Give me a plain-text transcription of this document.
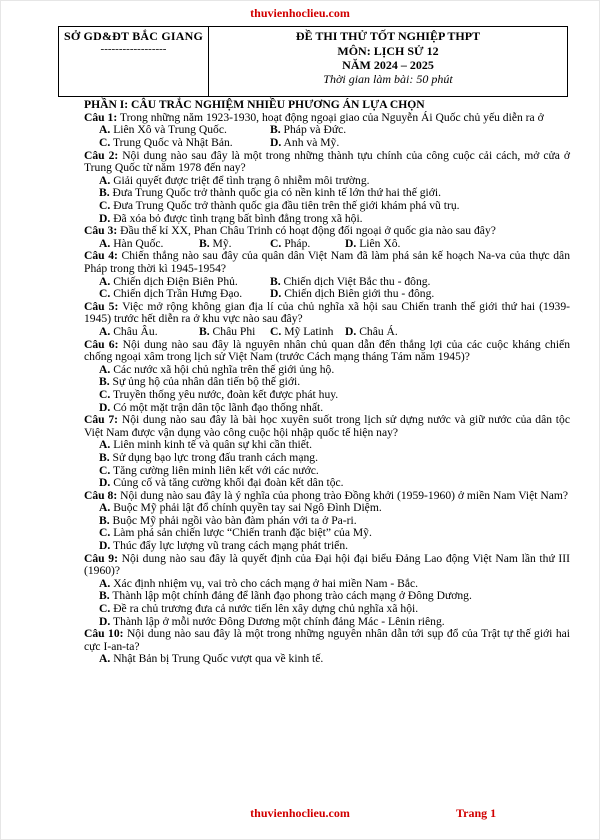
thuvienhoclieu.com
SỞ GD&ĐT BẮC GIANG
------------------
ĐỀ THI THỬ TỐT NGHIỆP THPT
MÔN: LỊCH SỬ 12
NĂM 2024 – 2025
Thời gian làm bài: 50 phút
PHẦN I: CÂU TRẮC NGHIỆM NHIỀU PHƯƠNG ÁN LỰA CHỌN
Câu 1: Trong những năm 1923-1930, hoạt động ngoại giao của Nguyễn Ái Quốc chủ yếu diễn ra ở
A. Liên Xô và Trung Quốc.	B. Pháp và Đức.
C. Trung Quốc và Nhật Bản.	D. Anh và Mỹ.
Câu 2: Nội dung nào sau đây là một trong những thành tựu chính của công cuộc cải cách, mở cửa ở Trung Quốc từ năm 1978 đến nay?
A. Giải quyết được triệt để tình trạng ô nhiễm môi trường.
B. Đưa Trung Quốc trở thành quốc gia có nền kinh tế lớn thứ hai thế giới.
C. Đưa Trung Quốc trở thành quốc gia đầu tiên trên thế giới khám phá vũ trụ.
D. Đã xóa bỏ được tình trạng bất bình đẳng trong xã hội.
Câu 3: Đầu thế kỉ XX, Phan Châu Trinh có hoạt động đối ngoại ở quốc gia nào sau đây?
A. Hàn Quốc.	B. Mỹ.	C. Pháp.	D. Liên Xô.
Câu 4: Chiến thắng nào sau đây của quân dân Việt Nam đã làm phá sản kế hoạch Na-va của thực dân Pháp trong thời kì 1945-1954?
A. Chiến dịch Điện Biên Phủ.	B. Chiến dịch Việt Bắc thu - đông.
C. Chiến dịch Trần Hưng Đạo.	D. Chiến dịch Biên giới thu - đông.
Câu 5: Việc mở rộng không gian địa lí của chủ nghĩa xã hội sau Chiến tranh thế giới thứ hai (1939-1945) trước hết diễn ra ở khu vực nào sau đây?
A. Châu Âu.	B. Châu Phi	C. Mỹ Latinh D. Châu Á.
Câu 6: Nội dung nào sau đây là nguyên nhân chủ quan dẫn đến thắng lợi của các cuộc kháng chiến chống ngoại xâm trong lịch sử Việt Nam (trước Cách mạng tháng Tám năm 1945)?
A. Các nước xã hội chủ nghĩa trên thế giới ủng hộ.
B. Sự ủng hộ của nhân dân tiến bộ thế giới.
C. Truyền thống yêu nước, đoàn kết được phát huy.
D. Có một mặt trận dân tộc lãnh đạo thống nhất.
Câu 7: Nội dung nào sau đây là bài học xuyên suốt trong lịch sử dựng nước và giữ nước của dân tộc Việt Nam được vận dụng vào công cuộc hội nhập quốc tế hiện nay?
A. Liên minh kinh tế và quân sự khi cần thiết.
B. Sử dụng bạo lực trong đấu tranh cách mạng.
C. Tăng cường liên minh liên kết với các nước.
D. Củng cố và tăng cường khối đại đoàn kết dân tộc.
Câu 8: Nội dung nào sau đây là ý nghĩa của phong trào Đồng khởi (1959-1960) ở miền Nam Việt Nam?
A. Buộc Mỹ phải lật đổ chính quyền tay sai Ngô Đình Diệm.
B. Buộc Mỹ phải ngồi vào bàn đàm phán với ta ở Pa-ri.
C. Làm phá sản chiến lược “Chiến tranh đặc biệt” của Mỹ.
D. Thúc đẩy lực lượng vũ trang cách mạng phát triển.
Câu 9: Nội dung nào sau đây là quyết định của Đại hội đại biểu Đảng Lao động Việt Nam lần thứ III (1960)?
A. Xác định nhiệm vụ, vai trò cho cách mạng ở hai miền Nam - Bắc.
B. Thành lập một chính đảng để lãnh đạo phong trào cách mạng ở Đông Dương.
C. Đề ra chủ trương đưa cả nước tiến lên xây dựng chủ nghĩa xã hội.
D. Thành lập ở mỗi nước Đông Dương một chính đảng Mác - Lênin riêng.
Câu 10: Nội dung nào sau đây là một trong những nguyên nhân dẫn tới sụp đổ của Trật tự thế giới hai cực I-an-ta?
A. Nhật Bản bị Trung Quốc vượt qua về kinh tế.
thuvienhoclieu.com	Trang 1
